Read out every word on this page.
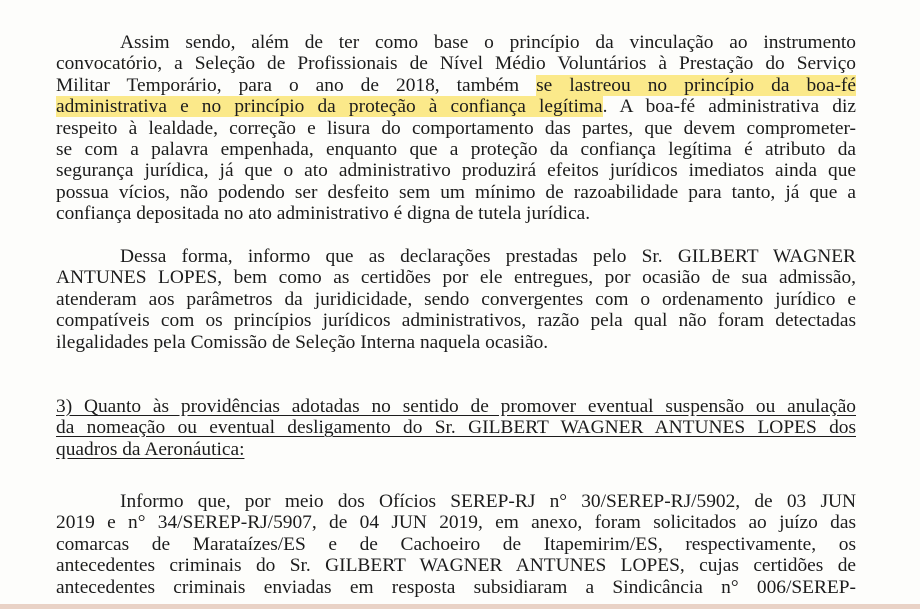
Assim sendo, além de ter como base o princípio da vinculação ao instrumento
convocatório, a Seleção de Profissionais de Nível Médio Voluntários à Prestação do Serviço
Militar Temporário, para o ano de 2018, também se lastreou no princípio da boa-fé
administrativa e no princípio da proteção à confiança legítima. A boa-fé administrativa diz
respeito à lealdade, correção e lisura do comportamento das partes, que devem comprometer-
se com a palavra empenhada, enquanto que a proteção da confiança legítima é atributo da
segurança jurídica, já que o ato administrativo produzirá efeitos jurídicos imediatos ainda que
possua vícios, não podendo ser desfeito sem um mínimo de razoabilidade para tanto, já que a
confiança depositada no ato administrativo é digna de tutela jurídica.
Dessa forma, informo que as declarações prestadas pelo Sr. GILBERT WAGNER
ANTUNES LOPES, bem como as certidões por ele entregues, por ocasião de sua admissão,
atenderam aos parâmetros da juridicidade, sendo convergentes com o ordenamento jurídico e
compatíveis com os princípios jurídicos administrativos, razão pela qual não foram detectadas
ilegalidades pela Comissão de Seleção Interna naquela ocasião.
3) Quanto às providências adotadas no sentido de promover eventual suspensão ou anulação
da nomeação ou eventual desligamento do Sr. GILBERT WAGNER ANTUNES LOPES dos
quadros da Aeronáutica:
Informo que, por meio dos Ofícios SEREP-RJ n° 30/SEREP-RJ/5902, de 03 JUN
2019 e n° 34/SEREP-RJ/5907, de 04 JUN 2019, em anexo, foram solicitados ao juízo das
comarcas de Marataízes/ES e de Cachoeiro de Itapemirim/ES, respectivamente, os
antecedentes criminais do Sr. GILBERT WAGNER ANTUNES LOPES, cujas certidões de
antecedentes criminais enviadas em resposta subsidiaram a Sindicância n° 006/SEREP-
